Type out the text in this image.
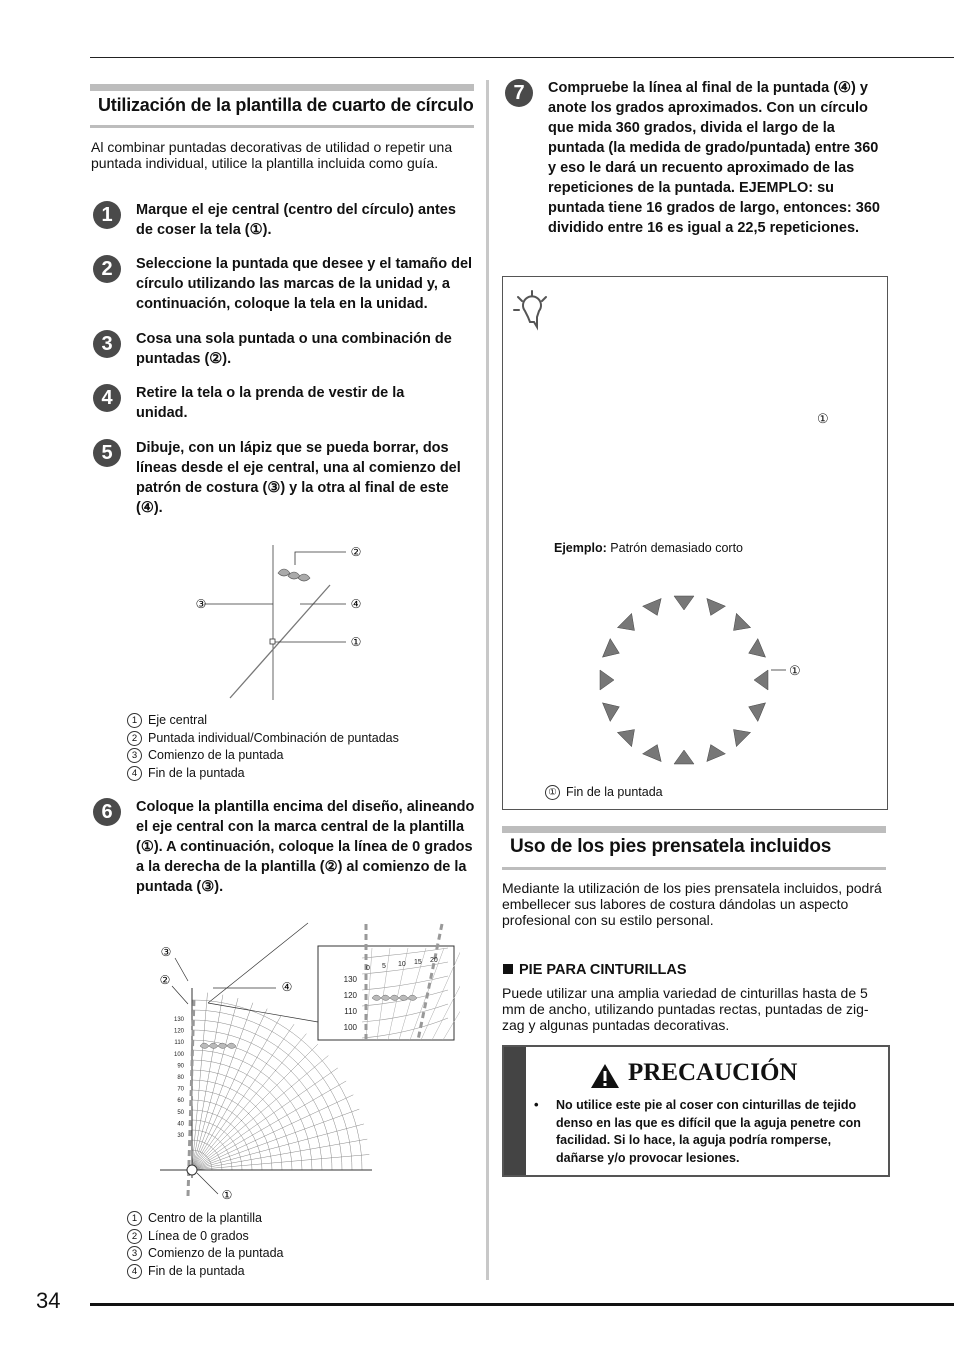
Utilización de la plantilla de cuarto de círculo
Al combinar puntadas decorativas de utilidad o repetir una puntada individual, utilice la plantilla incluida como guía.
1	Marque el eje central (centro del círculo) antes de coser la tela (①).
2	Seleccione la puntada que desee y el tamaño del círculo utilizando las marcas de la unidad y, a continuación, coloque la tela en la unidad.
3	Cosa una sola puntada o una combinación de puntadas (②).
4	Retire la tela o la prenda de vestir de la unidad.
5	Dibuje, con un lápiz que se pueda borrar, dos líneas desde el eje central, una al comienzo del patrón de costura (③) y la otra al final de este (④).
②
③	④
①
1 Eje central
2 Puntada individual/Combinación de puntadas
3 Comienzo de la puntada
4 Fin de la puntada
6	Coloque la plantilla encima del diseño, alineando el eje central con la marca central de la plantilla (①). A continuación, coloque la línea de 0 grados a la derecha de la plantilla (②) al comienzo de la puntada (③).
130
120
110
100
90
80
70
60
50
40
30
130
120
110
100
0 5 10 15 20
③
②	④
①
1 Centro de la plantilla
2 Línea de 0 grados
3 Comienzo de la puntada
4 Fin de la puntada
7	Compruebe la línea al final de la puntada (④) y anote los grados aproximados. Con un círculo que mida 360 grados, divida el largo de la puntada (la medida de grado/puntada) entre 360 y eso le dará un recuento aproximado de las repeticiones de la puntada. EJEMPLO: su puntada tiene 16 grados de largo, entonces: 360 dividido entre 16 es igual a 22,5 repeticiones.
①
Ejemplo: Patrón demasiado corto
①
① Fin de la puntada
Uso de los pies prensatela incluidos
Mediante la utilización de los pies prensatela incluidos, podrá embellecer sus labores de costura dándolas un aspecto profesional con su estilo personal.
PIE PARA CINTURILLAS
Puede utilizar una amplia variedad de cinturillas hasta de 5 mm de ancho, utilizando puntadas rectas, puntadas de zig-zag y algunas puntadas decorativas.
PRECAUCIÓN
• No utilice este pie al coser con cinturillas de tejido denso en las que es difícil que la aguja penetre con facilidad. Si lo hace, la aguja podría romperse, dañarse y/o provocar lesiones.
34
